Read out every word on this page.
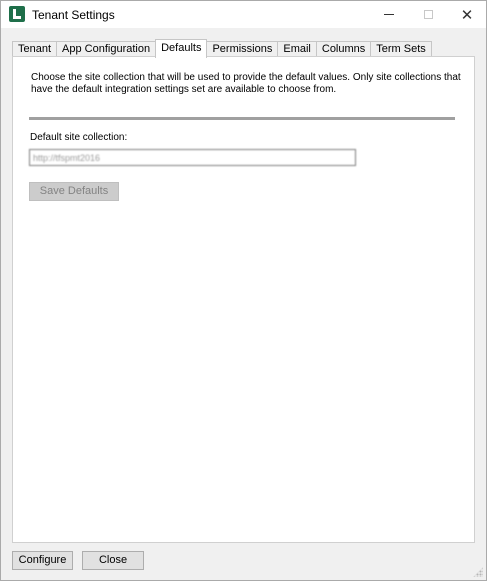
Tenant Settings	✕
Tenant	App Configuration	Defaults	Permissions	Email	Columns	Term Sets
Choose the site collection that will be used to provide the default values. Only site collections that have the default integration settings set are available to choose from.
Default site collection:
http://tfspmt2016
Save Defaults
Configure	Close
